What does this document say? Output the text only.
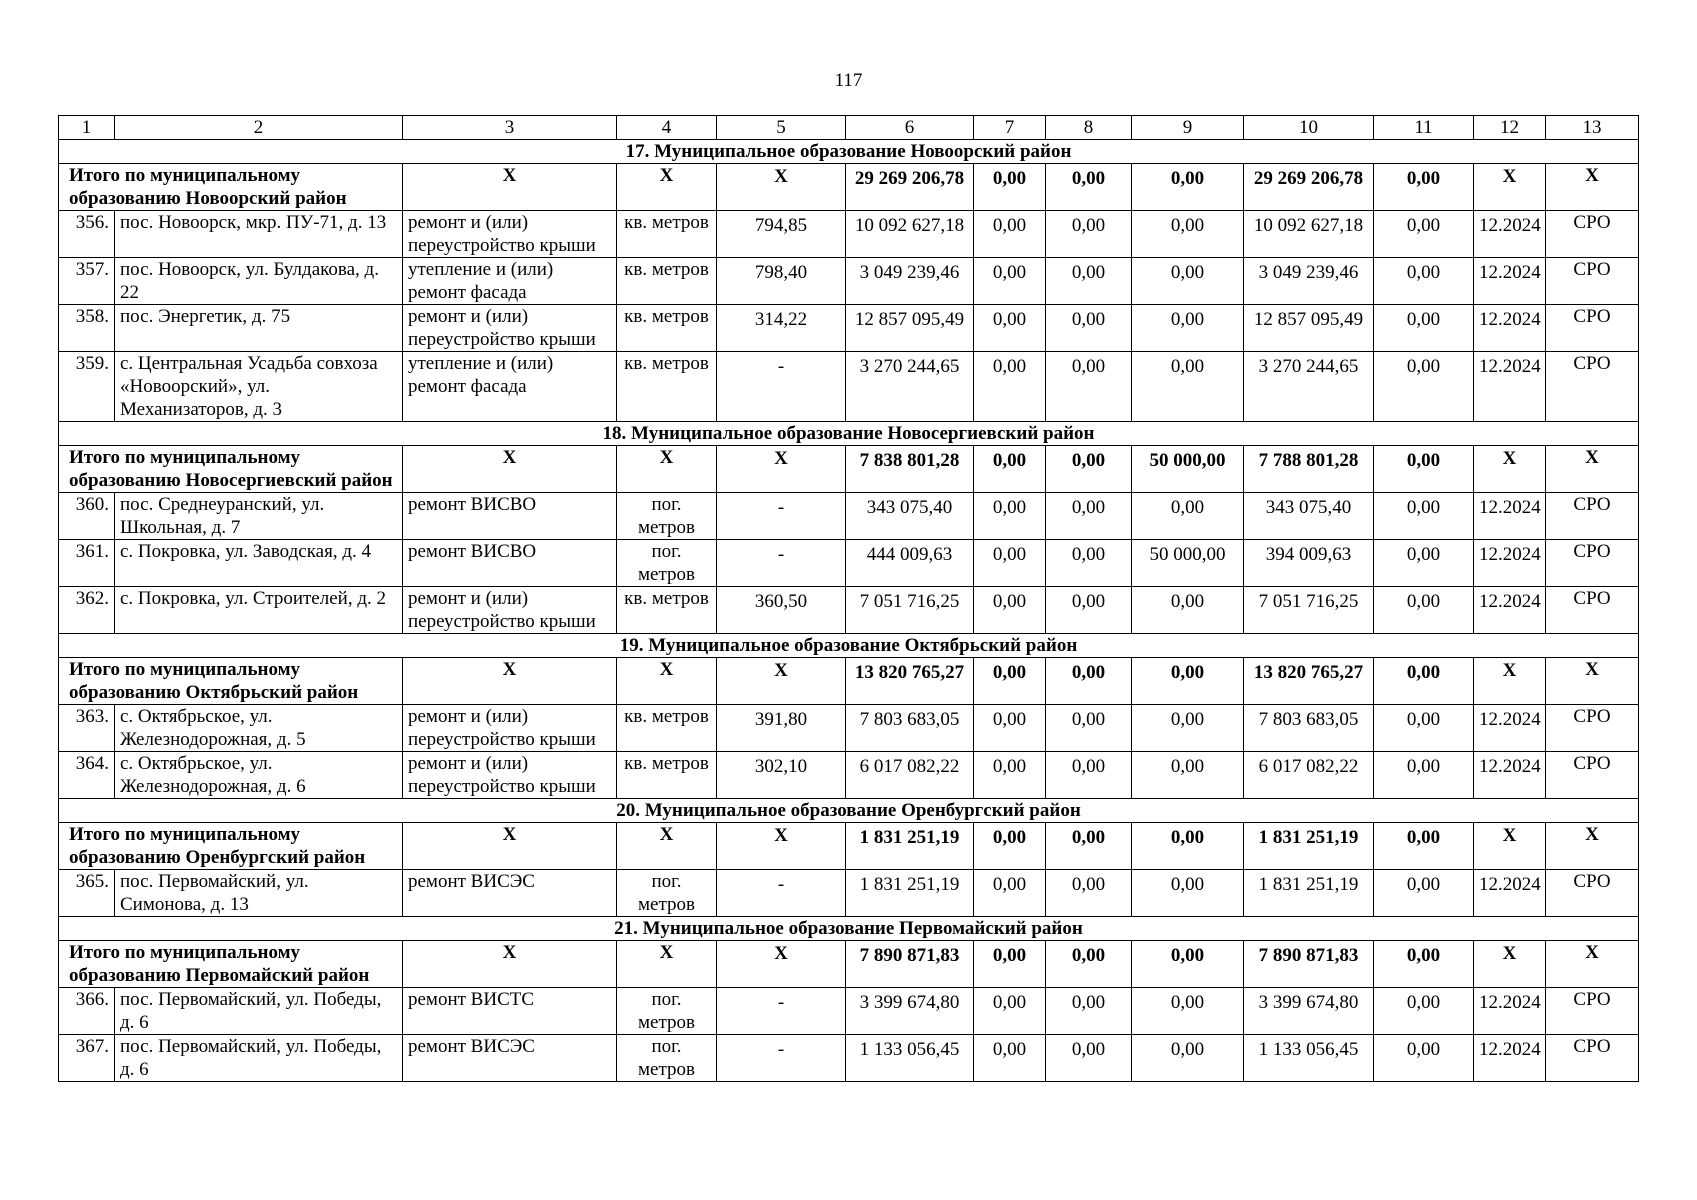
117
1	2	3	4	5	6	7	8	9	10	11	12	13
17. Муниципальное образование Новоорский район												
Итого по муниципальному образованию Новоорский район		Х	Х	Х	29 269 206,78	0,00	0,00	0,00	29 269 206,78	0,00	Х	Х
356.	пос. Новоорск, мкр. ПУ-71, д. 13	ремонт и (или) переустройство крыши	кв. метров	794,85	10 092 627,18	0,00	0,00	0,00	10 092 627,18	0,00	12.2024	СРО
357.	пос. Новоорск, ул. Булдакова, д. 22	утепление и (или) ремонт фасада	кв. метров	798,40	3 049 239,46	0,00	0,00	0,00	3 049 239,46	0,00	12.2024	СРО
358.	пос. Энергетик, д. 75	ремонт и (или) переустройство крыши	кв. метров	314,22	12 857 095,49	0,00	0,00	0,00	12 857 095,49	0,00	12.2024	СРО
359.	с. Центральная Усадьба совхоза «Новоорский», ул. Механизаторов, д. 3	утепление и (или) ремонт фасада	кв. метров	-	3 270 244,65	0,00	0,00	0,00	3 270 244,65	0,00	12.2024	СРО
18. Муниципальное образование Новосергиевский район												
Итого по муниципальному образованию Новосергиевский район		Х	Х	Х	7 838 801,28	0,00	0,00	50 000,00	7 788 801,28	0,00	Х	Х
360.	пос. Среднеуранский, ул. Школьная, д. 7	ремонт ВИСВО	пог. метров	-	343 075,40	0,00	0,00	0,00	343 075,40	0,00	12.2024	СРО
361.	с. Покровка, ул. Заводская, д. 4	ремонт ВИСВО	пог. метров	-	444 009,63	0,00	0,00	50 000,00	394 009,63	0,00	12.2024	СРО
362.	с. Покровка, ул. Строителей, д. 2	ремонт и (или) переустройство крыши	кв. метров	360,50	7 051 716,25	0,00	0,00	0,00	7 051 716,25	0,00	12.2024	СРО
19. Муниципальное образование Октябрьский район												
Итого по муниципальному образованию Октябрьский район		Х	Х	Х	13 820 765,27	0,00	0,00	0,00	13 820 765,27	0,00	Х	Х
363.	с. Октябрьское, ул. Железнодорожная, д. 5	ремонт и (или) переустройство крыши	кв. метров	391,80	7 803 683,05	0,00	0,00	0,00	7 803 683,05	0,00	12.2024	СРО
364.	с. Октябрьское, ул. Железнодорожная, д. 6	ремонт и (или) переустройство крыши	кв. метров	302,10	6 017 082,22	0,00	0,00	0,00	6 017 082,22	0,00	12.2024	СРО
20. Муниципальное образование Оренбургский район												
Итого по муниципальному образованию Оренбургский район		Х	Х	Х	1 831 251,19	0,00	0,00	0,00	1 831 251,19	0,00	Х	Х
365.	пос. Первомайский, ул. Симонова, д. 13	ремонт ВИСЭС	пог. метров	-	1 831 251,19	0,00	0,00	0,00	1 831 251,19	0,00	12.2024	СРО
21. Муниципальное образование Первомайский район												
Итого по муниципальному образованию Первомайский район		Х	Х	Х	7 890 871,83	0,00	0,00	0,00	7 890 871,83	0,00	Х	Х
366.	пос. Первомайский, ул. Победы, д. 6	ремонт ВИСТС	пог. метров	-	3 399 674,80	0,00	0,00	0,00	3 399 674,80	0,00	12.2024	СРО
367.	пос. Первомайский, ул. Победы, д. 6	ремонт ВИСЭС	пог. метров	-	1 133 056,45	0,00	0,00	0,00	1 133 056,45	0,00	12.2024	СРО
